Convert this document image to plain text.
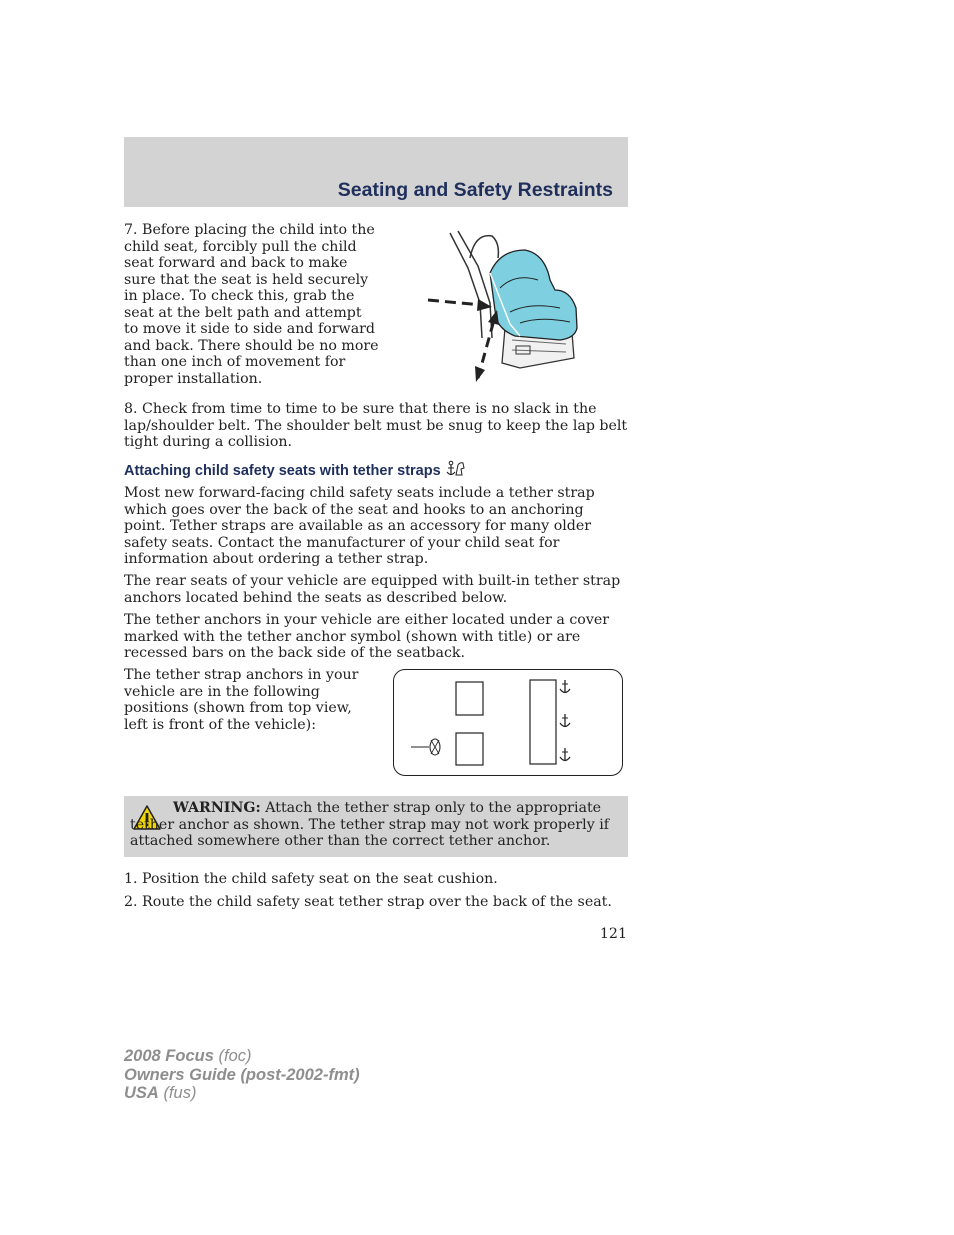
Seating and Safety Restraints
7. Before placing the child into the child seat, forcibly pull the child seat forward and back to make sure that the seat is held securely in place. To check this, grab the seat at the belt path and attempt to move it side to side and forward and back. There should be no more than one inch of movement for proper installation.
8. Check from time to time to be sure that there is no slack in the lap/shoulder belt. The shoulder belt must be snug to keep the lap belt tight during a collision.
Attaching child safety seats with tether straps
Most new forward-facing child safety seats include a tether strap which goes over the back of the seat and hooks to an anchoring point. Tether straps are available as an accessory for many older safety seats. Contact the manufacturer of your child seat for information about ordering a tether strap.
The rear seats of your vehicle are equipped with built-in tether strap anchors located behind the seats as described below.
The tether anchors in your vehicle are either located under a cover marked with the tether anchor symbol (shown with title) or are recessed bars on the back side of the seatback.
The tether strap anchors in your vehicle are in the following positions (shown from top view, left is front of the vehicle):
WARNING: Attach the tether strap only to the appropriate tether anchor as shown. The tether strap may not work properly if attached somewhere other than the correct tether anchor.
1. Position the child safety seat on the seat cushion.
2. Route the child safety seat tether strap over the back of the seat.
121
2008 Focus (foc)
Owners Guide (post-2002-fmt)
USA (fus)
